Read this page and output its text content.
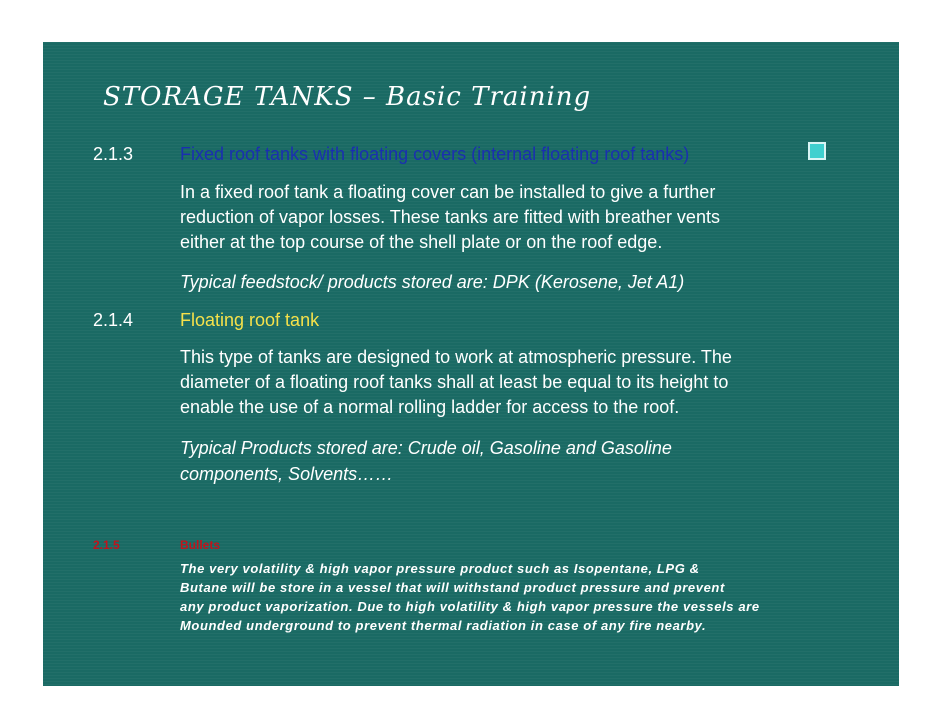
STORAGE TANKS – Basic Training
2.1.3	Fixed roof tanks with floating covers (internal floating roof tanks)
In a fixed roof tank a floating cover can be installed to give a further
reduction of vapor losses. These tanks are fitted with breather vents
either at the top course of the shell plate or on the roof edge.
Typical feedstock/ products stored are: DPK (Kerosene, Jet A1)
2.1.4	Floating roof tank
This type of tanks are designed to work at atmospheric pressure. The
diameter of a floating roof tanks shall at least be equal to its height to
enable the use of a normal rolling ladder for access to the roof.
Typical Products stored are: Crude oil, Gasoline and Gasoline
components, Solvents……
2.1.5	Bullets
The very volatility & high vapor pressure product such as Isopentane, LPG &
Butane will be store in a vessel that will withstand product pressure and prevent
any product vaporization. Due to high volatility & high vapor pressure the vessels are
Mounded underground to prevent thermal radiation in case of any fire nearby.
